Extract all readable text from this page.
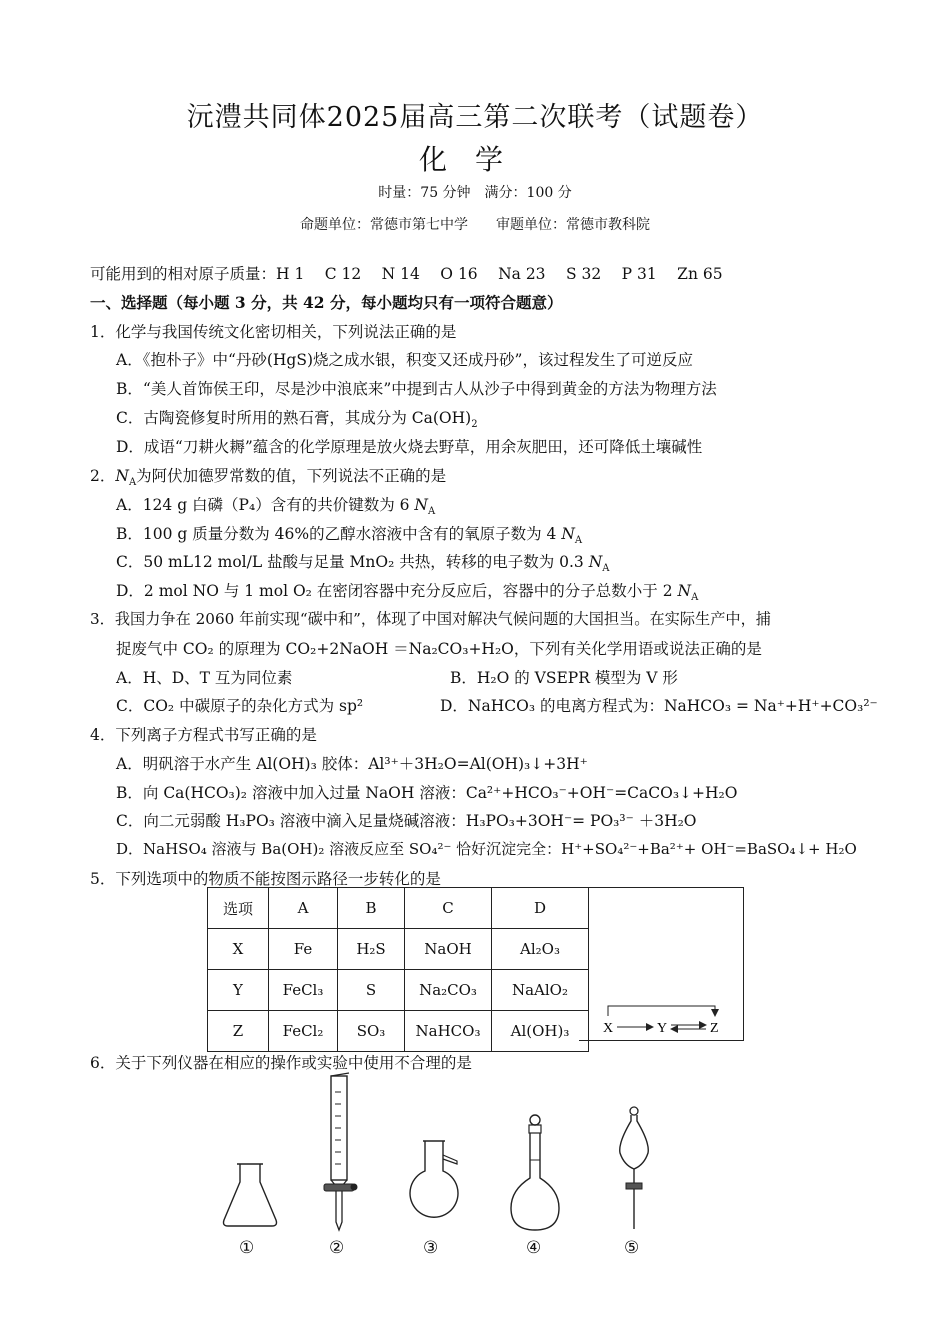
沅澧共同体2025届高三第二次联考（试题卷）
化学
时量：75 分钟　满分：100 分
命题单位：常德市第七中学　　审题单位：常德市教科院
可能用到的相对原子质量：H 1　 C 12　 N 14　 O 16　 Na 23　 S 32　 P 31　 Zn 65
一、选择题（每小题 3 分，共 42 分，每小题均只有一项符合题意）
1．化学与我国传统文化密切相关，下列说法正确的是
A．《抱朴子》中“丹砂(HgS)烧之成水银，积变又还成丹砂”，该过程发生了可逆反应
B．“美人首饰侯王印，尽是沙中浪底来”中提到古人从沙子中得到黄金的方法为物理方法
C．古陶瓷修复时所用的熟石膏，其成分为 $Ca(OH)_2$
D．成语“刀耕火耨”蕴含的化学原理是放火烧去野草，用余灰肥田，还可降低土壤碱性
2．$N_A$为阿伏加德罗常数的值，下列说法不正确的是
A．124 g 白磷（P₄）含有的共价键数为 6 $N_A$
B．100 g 质量分数为 46%的乙醇水溶液中含有的氧原子数为 4 $N_A$
C．50 mL12 mol/L 盐酸与足量 MnO₂ 共热，转移的电子数为 0.3 $N_A$
D．2 mol NO 与 1 mol O₂ 在密闭容器中充分反应后，容器中的分子总数小于 2 $N_A$
3．我国力争在 2060 年前实现“碳中和”，体现了中国对解决气候问题的大国担当。在实际生产中，捕
捉废气中 CO₂ 的原理为 CO₂+2NaOH ＝Na₂CO₃+H₂O，下列有关化学用语或说法正确的是
A．H、D、T 互为同位素	B．H₂O 的 VSEPR 模型为 V 形
C．CO₂ 中碳原子的杂化方式为 sp²	D．NaHCO₃ 的电离方程式为：NaHCO₃ = Na⁺+H⁺+CO₃²⁻
4．下列离子方程式书写正确的是
A．明矾溶于水产生 Al(OH)₃ 胶体：Al³⁺＋3H₂O=Al(OH)₃↓+3H⁺
B．向 Ca(HCO₃)₂ 溶液中加入过量 NaOH 溶液：Ca²⁺+HCO₃⁻+OH⁻=CaCO₃↓+H₂O
C．向二元弱酸 H₃PO₃ 溶液中滴入足量烧碱溶液：H₃PO₃+3OH⁻= PO₃³⁻ ＋3H₂O
D．NaHSO₄ 溶液与 Ba(OH)₂ 溶液反应至 SO₄²⁻ 恰好沉淀完全：H⁺+SO₄²⁻+Ba²⁺+ OH⁻=BaSO₄↓+ H₂O
5．下列选项中的物质不能按图示路径一步转化的是
选项	A	B	C	D
X	Fe	H₂S	NaOH	Al₂O₃
Y	FeCl₃	S	Na₂CO₃	NaAlO₂
Z	FeCl₂	SO₃	NaHCO₃	Al(OH)₃ X	Y	Z
6．关于下列仪器在相应的操作或实验中使用不合理的是
①	②	③	④	⑤
